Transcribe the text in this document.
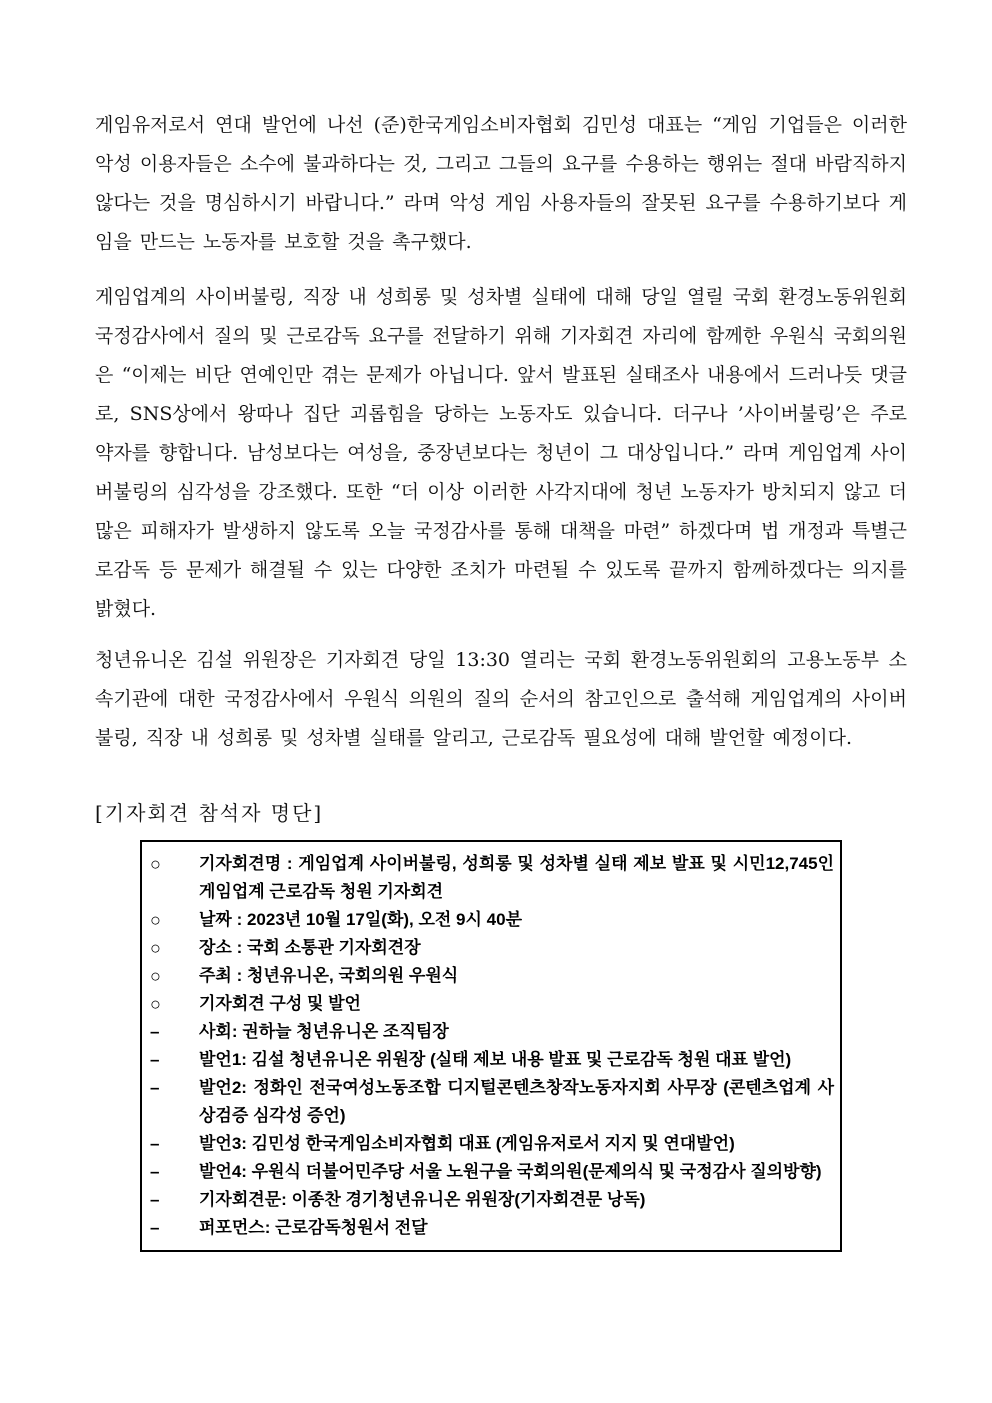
게임유저로서 연대 발언에 나선 (준)한국게임소비자협회 김민성 대표는 “게임 기업들은 이러한 악성 이용자들은 소수에 불과하다는 것, 그리고 그들의 요구를 수용하는 행위는 절대 바람직하지 않다는 것을 명심하시기 바랍니다.” 라며 악성 게임 사용자들의 잘못된 요구를 수용하기보다 게임을 만드는 노동자를 보호할 것을 촉구했다.

게임업계의 사이버불링, 직장 내 성희롱 및 성차별 실태에 대해 당일 열릴 국회 환경노동위원회 국정감사에서 질의 및 근로감독 요구를 전달하기 위해 기자회견 자리에 함께한 우원식 국회의원은 “이제는 비단 연예인만 겪는 문제가 아닙니다. 앞서 발표된 실태조사 내용에서 드러나듯 댓글로, SNS상에서 왕따나 집단 괴롭힘을 당하는 노동자도 있습니다. 더구나 ’사이버불링’은 주로 약자를 향합니다. 남성보다는 여성을, 중장년보다는 청년이 그 대상입니다.” 라며 게임업계 사이버불링의 심각성을 강조했다. 또한 “더 이상 이러한 사각지대에 청년 노동자가 방치되지 않고 더 많은 피해자가 발생하지 않도록 오늘 국정감사를 통해 대책을 마련” 하겠다며 법 개정과 특별근로감독 등 문제가 해결될 수 있는 다양한 조치가 마련될 수 있도록 끝까지 함께하겠다는 의지를 밝혔다.

청년유니온 김설 위원장은 기자회견 당일 13:30 열리는 국회 환경노동위원회의 고용노동부 소속기관에 대한 국정감사에서 우원식 의원의 질의 순서의 참고인으로 출석해 게임업계의 사이버불링, 직장 내 성희롱 및 성차별 실태를 알리고, 근로감독 필요성에 대해 발언할 예정이다.

[기자회견 참석자 명단]
○	기자회견명 : 게임업계 사이버불링, 성희롱 및 성차별 실태 제보 발표 및 시민12,745인 게임업계 근로감독 청원 기자회견
○	날짜 : 2023년 10월 17일(화), 오전 9시 40분
○	장소 : 국회 소통관 기자회견장
○	주최 : 청년유니온, 국회의원 우원식
○	기자회견 구성 및 발언
–	사회: 권하늘 청년유니온 조직팀장
–	발언1: 김설 청년유니온 위원장 (실태 제보 내용 발표 및 근로감독 청원 대표 발언)
–	발언2: 정화인 전국여성노동조합 디지털콘텐츠창작노동자지회 사무장 (콘텐츠업계 사상검증 심각성 증언)
–	발언3: 김민성 한국게임소비자협회 대표 (게임유저로서 지지 및 연대발언)
–	발언4: 우원식 더불어민주당 서울 노원구을 국회의원(문제의식 및 국정감사 질의방향)
–	기자회견문: 이종찬 경기청년유니온 위원장(기자회견문 낭독)
–	퍼포먼스: 근로감독청원서 전달
